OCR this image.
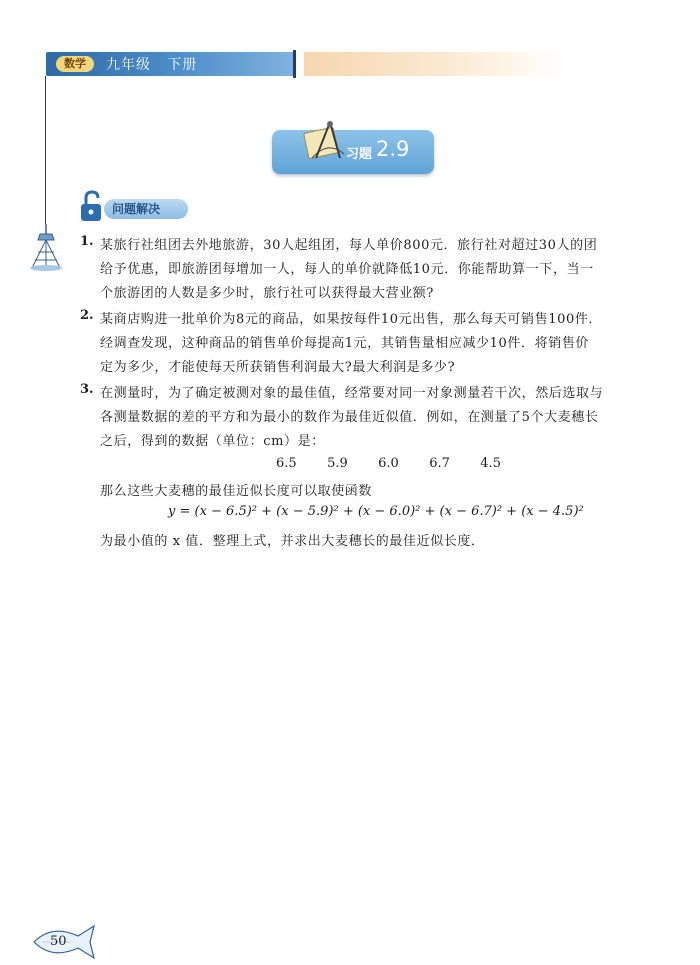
数学	九年级   下册
习题 2.9
问题解决
1. 某旅行社组团去外地旅游，30人起组团，每人单价800元．旅行社对超过30人的团
给予优惠，即旅游团每增加一人，每人的单价就降低10元．你能帮助算一下，当一
个旅游团的人数是多少时，旅行社可以获得最大营业额?
2. 某商店购进一批单价为8元的商品，如果按每件10元出售，那么每天可销售100件．
经调查发现，这种商品的销售单价每提高1元，其销售量相应减少10件．将销售价
定为多少，才能使每天所获销售利润最大?最大利润是多少?
3. 在测量时，为了确定被测对象的最佳值，经常要对同一对象测量若干次，然后选取与
各测量数据的差的平方和为最小的数作为最佳近似值．例如，在测量了5个大麦穗长
之后，得到的数据（单位：cm）是：
6.5   5.9   6.0   6.7   4.5
那么这些大麦穗的最佳近似长度可以取使函数
y = (x − 6.5)² + (x − 5.9)² + (x − 6.0)² + (x − 6.7)² + (x − 4.5)²
为最小值的 x 值．整理上式，并求出大麦穗长的最佳近似长度．
50
